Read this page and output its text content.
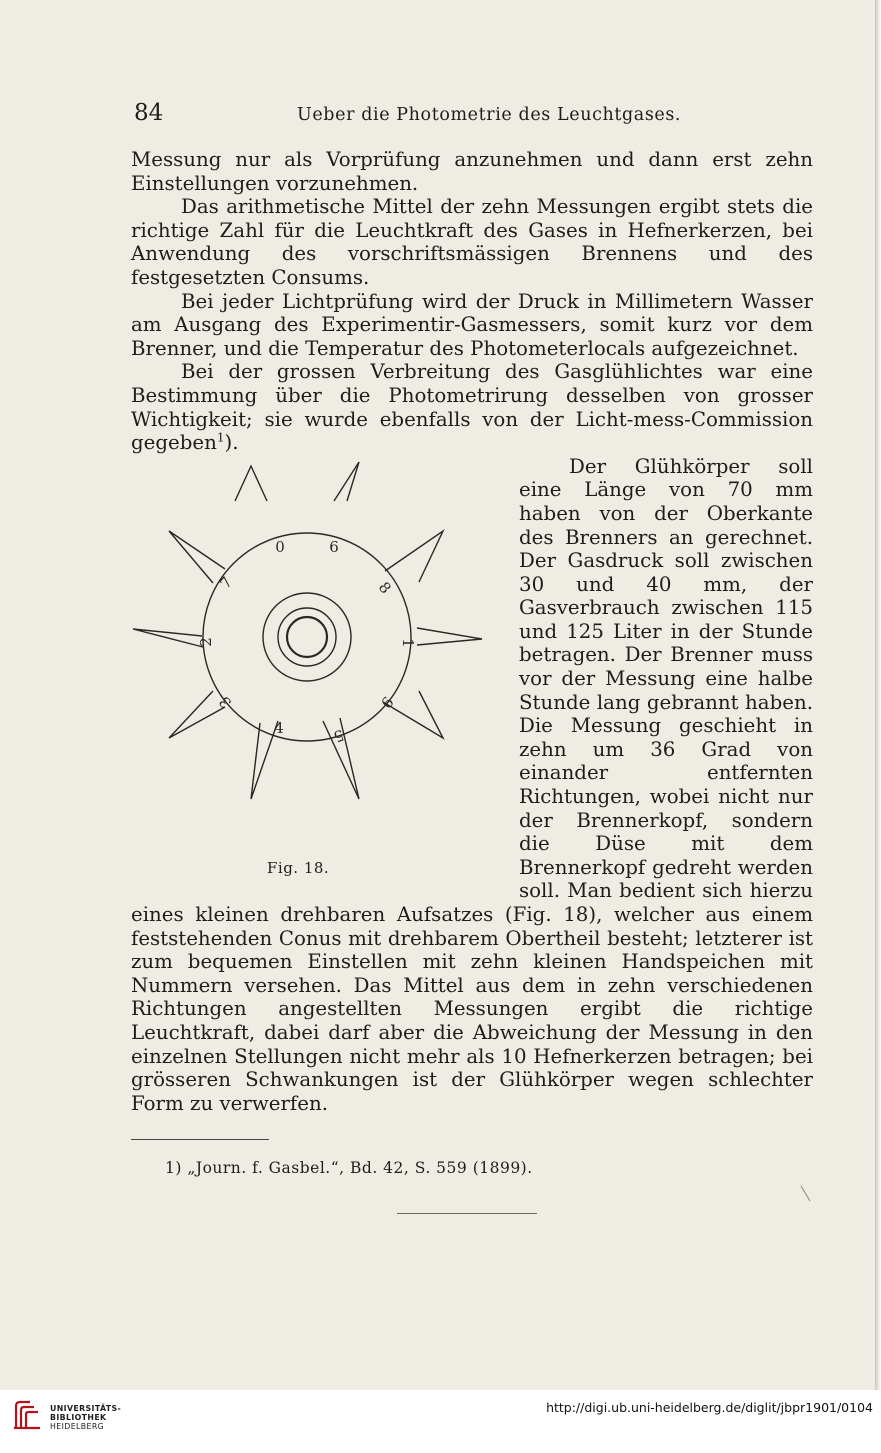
84	Ueber die Photometrie des Leuchtgases.

Messung nur als Vorprüfung anzunehmen und dann erst zehn Einstellungen vorzunehmen.

Das arithmetische Mittel der zehn Messungen ergibt stets die richtige Zahl für die Leuchtkraft des Gases in Hefnerkerzen, bei Anwendung des vorschriftsmässigen Brennens und des festgesetzten Consums.

Bei jeder Lichtprüfung wird der Druck in Millimetern Wasser am Ausgang des Experimentir-Gasmessers, somit kurz vor dem Brenner, und die Temperatur des Photometerlocals aufgezeichnet.

Bei der grossen Verbreitung des Gasglühlichtes war eine Bestimmung über die Photometrirung desselben von grosser Wichtigkeit; sie wurde ebenfalls von der Licht-mess-Commission gegeben$^1$).

0	6
8
1
9
5
4
3
2
7
Fig. 18.

Der Glühkörper soll eine Länge von 70 mm haben von der Oberkante des Brenners an gerechnet. Der Gasdruck soll zwischen 30 und 40 mm, der Gasverbrauch zwischen 115 und 125 Liter in der Stunde betragen. Der Brenner muss vor der Messung eine halbe Stunde lang gebrannt haben. Die Messung geschieht in zehn um 36 Grad von einander entfernten Richtungen, wobei nicht nur der Brennerkopf, sondern die Düse mit dem Brennerkopf gedreht werden soll. Man bedient sich hierzu eines kleinen drehbaren Aufsatzes (Fig. 18), welcher aus einem feststehenden Conus mit drehbarem Obertheil besteht; letzterer ist zum bequemen Einstellen mit zehn kleinen Handspeichen mit Nummern versehen. Das Mittel aus dem in zehn verschiedenen Richtungen angestellten Messungen ergibt die richtige Leuchtkraft, dabei darf aber die Abweichung der Messung in den einzelnen Stellungen nicht mehr als 10 Hefnerkerzen betragen; bei grösseren Schwankungen ist der Glühkörper wegen schlechter Form zu verwerfen.

1) „Journ. f. Gasbel.“, Bd. 42, S. 559 (1899).
UNIVERSITÄTS-
BIBLIOTHEK
HEIDELBERG
http://digi.ub.uni-heidelberg.de/diglit/jbpr1901/0104
